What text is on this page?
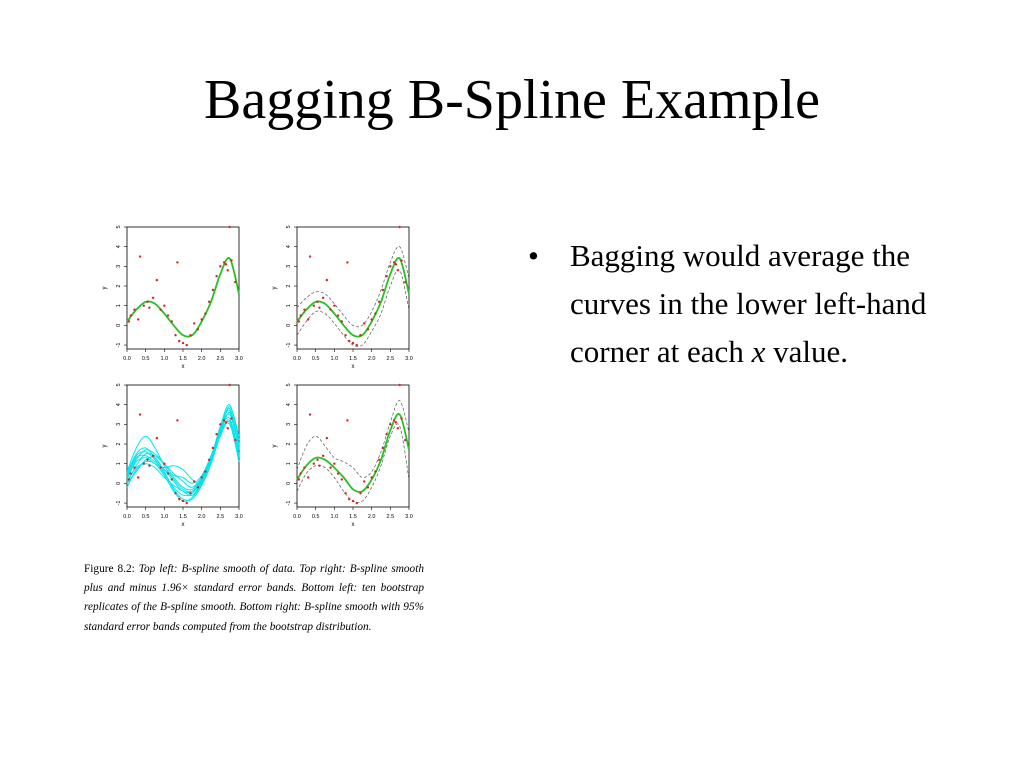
Bagging B-Spline Example
0.0 0.5 1.0 1.5 2.0 2.5 3.0
-1
0
1
2
3
4
5
x
y
0.0 0.5 1.0 1.5 2.0 2.5 3.0
-1
0
1
2
3
4
5
x
y
0.0 0.5 1.0 1.5 2.0 2.5 3.0
-1
0
1
2
3
4
5
x
y
0.0 0.5 1.0 1.5 2.0 2.5 3.0
-1
0
1
2
3
4
5
x
y
Figure 8.2: Top left: B-spline smooth of data. Top right: B-spline smooth plus and minus 1.96× standard error bands. Bottom left: ten bootstrap replicates of the B-spline smooth. Bottom right: B-spline smooth with 95% standard error bands computed from the bootstrap distribution.
• Bagging would average the curves in the lower left-hand corner at each x value.
